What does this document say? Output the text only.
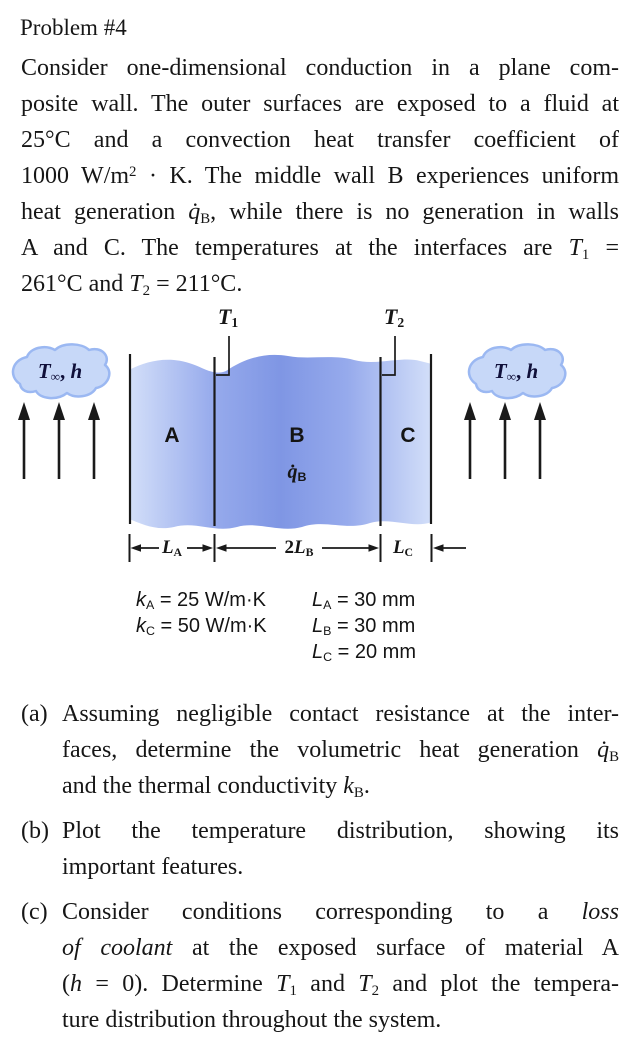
Problem #4
Consider one-dimensional conduction in a plane com-
posite wall. The outer surfaces are exposed to a fluid at
25°C and a convection heat transfer coefficient of
1000 $W/m^2 \cdot K$. The middle wall B experiences uniform
heat generation $q̇_B$, while there is no generation in walls
A and C. The temperatures at the interfaces are $T_1$ =
261°C and $T_2 = 211^\circ C$.
$T_1$	$T_2$
$T_\infty$, h	$T_\infty$, h
A	B	C
$q̇_B$
$L_A$	$2L_B$	$L_C$
$k_A = 25$ W/m·K
$k_C = 50$ W/m·K
$L_A = 30$ mm
$L_B = 30$ mm
$L_C = 20$ mm
(a) Assuming negligible contact resistance at the inter-
faces, determine the volumetric heat generation $q̇_B$
and the thermal conductivity $k_B$.
(b) Plot the temperature distribution, showing its
important features.
(c) Consider conditions corresponding to a loss
of coolant at the exposed surface of material A
(h = 0). Determine $T_1$ and $T_2$ and plot the tempera-
ture distribution throughout the system.
